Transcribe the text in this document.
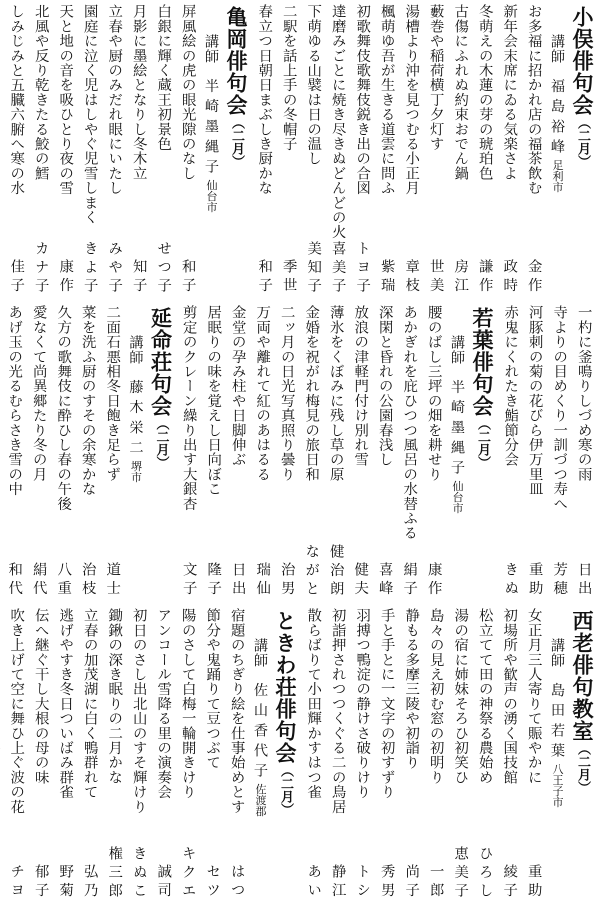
小俣俳句会（二月）
講師福島裕峰足利市
お多福に招かれ店の福茶飲む
金作
新年会末席にゐる気楽さよ
政時
冬萌えの木蓮の芽の琥珀色
謙作
古傷にふれぬ約束おでん鍋
房江
藪巻や稲荷横丁夕灯す
世美
湯槽より沖を見つむる小正月
章枝
楓萌ゆ吾が生きる道雲に問ふ
紫瑞
初歌舞伎歌舞伎鋭き出の合図
トヨ子
達磨みごとに焼き尽きぬどんどの火
喜美子
下萌ゆる山襞は日の温し
美知子
二駅を話上手の冬帽子
季世
春立つ日朝日まぶしき厨かな
和子
亀岡俳句会（二月）
講師半崎墨縄子仙台市
屏風絵の虎の眼光隙のなし
和子
白銀に輝く蔵王初景色
せつ子
月影に墨絵となりし冬木立
知子
立春や厨のみだれ眼にいたし
みや子
園庭に泣く児はしやぐ児雪しまく
きよ子
天と地の音を吸ひとり夜の雪
康作
北風や反り乾きたる鮫の鱈
カナ子
しみじみと五臓六腑へ寒の水
佳子
一杓に釜鳴りしづめ寒の雨
日出
寺よりの目めくり一訓づつ寿へ
芳穂
河豚刺の菊の花びら伊万里皿
重助
赤鬼にくれたき鮨節分会
きぬ
若葉俳句会（二月）
講師半崎墨縄子仙台市
腰のばし三坪の畑を耕せり
康作
あかぎれを庇ひつつ風呂の水替ふる
絹子
深閑と昏れの公園春浅し
喜峰
放浪の津軽門付け別れ雪
健夫
薄氷をくぼみに残し草の原
健治朗
金婚を祝がれ梅見の旅日和
ながと
二ッ月の日光写真照り曇り
治男
万両や離れて紅のあはるる
瑞仙
金堂の孕み柱や日脚伸ぶ
日出
居眠りの味を覚えし日向ぼこ
隆子
剪定のクレーン繰り出す大銀杏
文子
延命荘句会（二月）
講師藤木栄二堺市
二面石悪相冬日飽き足らず
道士
菜を洗ふ厨のすその余寒かな
治枝
久方の歌舞伎に酔ひし春の午後
八重
愛なくて尚異郷たり冬の月
絹代
あげ玉の光るむらさき雪の中
和代
西老俳句教室（二月）
講師島田若葉八王子市
女正月三人寄りて賑やかに
重助
初場所や歓声の湧く国技館
綾子
松立てて田の神祭る農始め
ひろし
湯の宿に姉妹そろひ初笑ひ
恵美子
島々の見え初む窓の初明り
一郎
静もる多摩三陵や初詣り
尚子
手と手とに一文字の初すずり
秀男
羽搏つ鴨淀の静けさ破りけり
トシ
初詣押されつつくぐる二の鳥居
静江
散らばりて小田輝かすはつ雀
あい
ときわ荘俳句会（二月）
講師佐山香代子佐渡郡
宿題のちぎり絵を仕事始めとす
はつ
節分や鬼踊りて豆つぶて
セツ
陽のさして白梅一輪開きけり
キクエ
アンコール雪降る里の演奏会
誠司
初日のさし出北山のすそ輝けり
きぬこ
鋤鍬の深き眠りの二月かな
権三郎
立春の加茂湖に白く鴨群れて
弘乃
逃げやすき冬日ついばみ群雀
野菊
伝へ継ぐ干し大根の母の味
郁子
吹き上げて空に舞ひ上ぐ波の花
チヨ
